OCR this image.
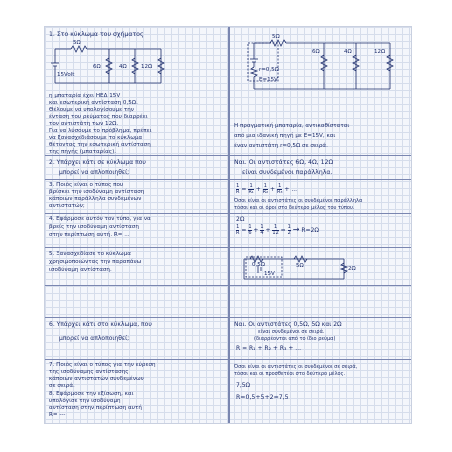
1. Στο κύκλωμα του σχήματος
5Ω
6Ω	4Ω	12Ω
15Volt
η μπαταρία έχει ΗΕΔ 15V
και εσωτερική αντίσταση 0,5Ω.
Θέλουμε να υπολογίσουμε την
ένταση του ρεύματος που διαρρέει
τον αντιστάτη των 12Ω.
Για να λύσουμε το πρόβλημα, πρέπει
να ξανασχεδιάσουμε το κύκλωμα
θέτοντας την εσωτερική αντίσταση
της πηγής (μπαταρίας).
2. Υπάρχει κάτι σε κύκλωμα που
μπορεί να απλοποιηθεί;
3. Ποιός είναι ο τύπος που
βρίσκει την ισοδύναμη αντίσταση
κάποιων παράλληλα συνδεμένων
αντιστατών;
4. Εφάρμοσε αυτόν τον τύπο, για να
βρείς την ισοδύναμη αντίσταση
στην περίπτωση αυτή. R= ...
5. Ξανασχεδίασε το κύκλωμα
χρησιμοποιώντας την παραπάνω
ισοδύναμη αντίσταση.
6. Υπάρχει κάτι στο κύκλωμα, που
μπορεί να απλοποιηθεί;
7. Ποιός είναι ο τύπος για την εύρεση
της ισοδύναμης αντίστασης
κάποιων αντιστατών συνδεμένων
σε σειρά.
8. Εφάρμοσε την εξίσωση, και
υπολόγισε την ισοδύναμη
αντίσταση στην περίπτωση αυτή
R= ---
5Ω
6Ω	4Ω	12Ω
r=0,5Ω
E=15V
Η πραγματική μπαταρία, αντικαθίσταται
από μια ιδανική πηγή με E=15V, και
έναν αντιστάτη r=0,5Ω σε σειρά.
Ναι. Οι αντιστάτες 6Ω, 4Ω, 12Ω
είναι συνδεμένοι παράλληλα.
$\frac{1}{R} = \frac{1}{\text{R₁}} + \frac{1}{\text{R₂}} + \frac{1}{\text{R₃}}$ + ...
Όσοι είναι οι αντιστάτες οι συνδεμένοι παράλληλα
τόσοι και οι όροι στο δεύτερο μέλος του τύπου.
2Ω
$\frac{1}{R} = \frac{1}{6} + \frac{1}{4} + \frac{1}{12} = \frac{1}{2} \to R=2\Omega$
0,5Ω	5Ω	2Ω
15V
Ναι. Οι αντιστάτες 0,5Ω, 5Ω και 2Ω
είναι συνδεμένοι σε σειρά.
(διαρρέονται από το ίδιο ρεύμα)
R = R₁ + R₂ + R₃ + ...
Όσοι είναι οι αντιστάτες οι συνδεμένοι σε σειρά,
τόσοι και οι προσθετέοι στο δεύτερο μέλος.
7,5Ω
R=0,5+5+2=7,5
